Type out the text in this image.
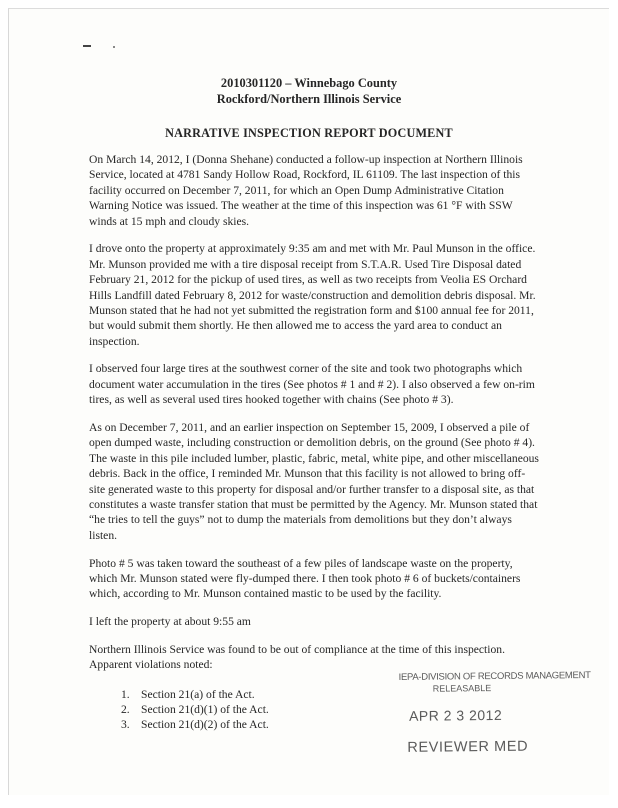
2010301120 – Winnebago County
Rockford/Northern Illinois Service
NARRATIVE INSPECTION REPORT DOCUMENT

On March 14, 2012, I (Donna Shehane) conducted a follow-up inspection at Northern Illinois Service, located at 4781 Sandy Hollow Road, Rockford, IL 61109. The last inspection of this facility occurred on December 7, 2011, for which an Open Dump Administrative Citation Warning Notice was issued. The weather at the time of this inspection was 61 °F with SSW winds at 15 mph and cloudy skies.

I drove onto the property at approximately 9:35 am and met with Mr. Paul Munson in the office. Mr. Munson provided me with a tire disposal receipt from S.T.A.R. Used Tire Disposal dated February 21, 2012 for the pickup of used tires, as well as two receipts from Veolia ES Orchard Hills Landfill dated February 8, 2012 for waste/construction and demolition debris disposal. Mr. Munson stated that he had not yet submitted the registration form and $100 annual fee for 2011, but would submit them shortly. He then allowed me to access the yard area to conduct an inspection.

I observed four large tires at the southwest corner of the site and took two photographs which document water accumulation in the tires (See photos # 1 and # 2). I also observed a few on-rim tires, as well as several used tires hooked together with chains (See photo # 3).

As on December 7, 2011, and an earlier inspection on September 15, 2009, I observed a pile of open dumped waste, including construction or demolition debris, on the ground (See photo # 4). The waste in this pile included lumber, plastic, fabric, metal, white pipe, and other miscellaneous debris. Back in the office, I reminded Mr. Munson that this facility is not allowed to bring off-site generated waste to this property for disposal and/or further transfer to a disposal site, as that constitutes a waste transfer station that must be permitted by the Agency. Mr. Munson stated that “he tries to tell the guys” not to dump the materials from demolitions but they don’t always listen.

Photo # 5 was taken toward the southeast of a few piles of landscape waste on the property, which Mr. Munson stated were fly-dumped there. I then took photo # 6 of buckets/containers which, according to Mr. Munson contained mastic to be used by the facility.

I left the property at about 9:55 am

Northern Illinois Service was found to be out of compliance at the time of this inspection. Apparent violations noted:

1. Section 21(a) of the Act.
2. Section 21(d)(1) of the Act.
3. Section 21(d)(2) of the Act.
IEPA-DIVISION OF RECORDS MANAGEMENT
RELEASABLE
APR 2 3 2012
REVIEWER MED
